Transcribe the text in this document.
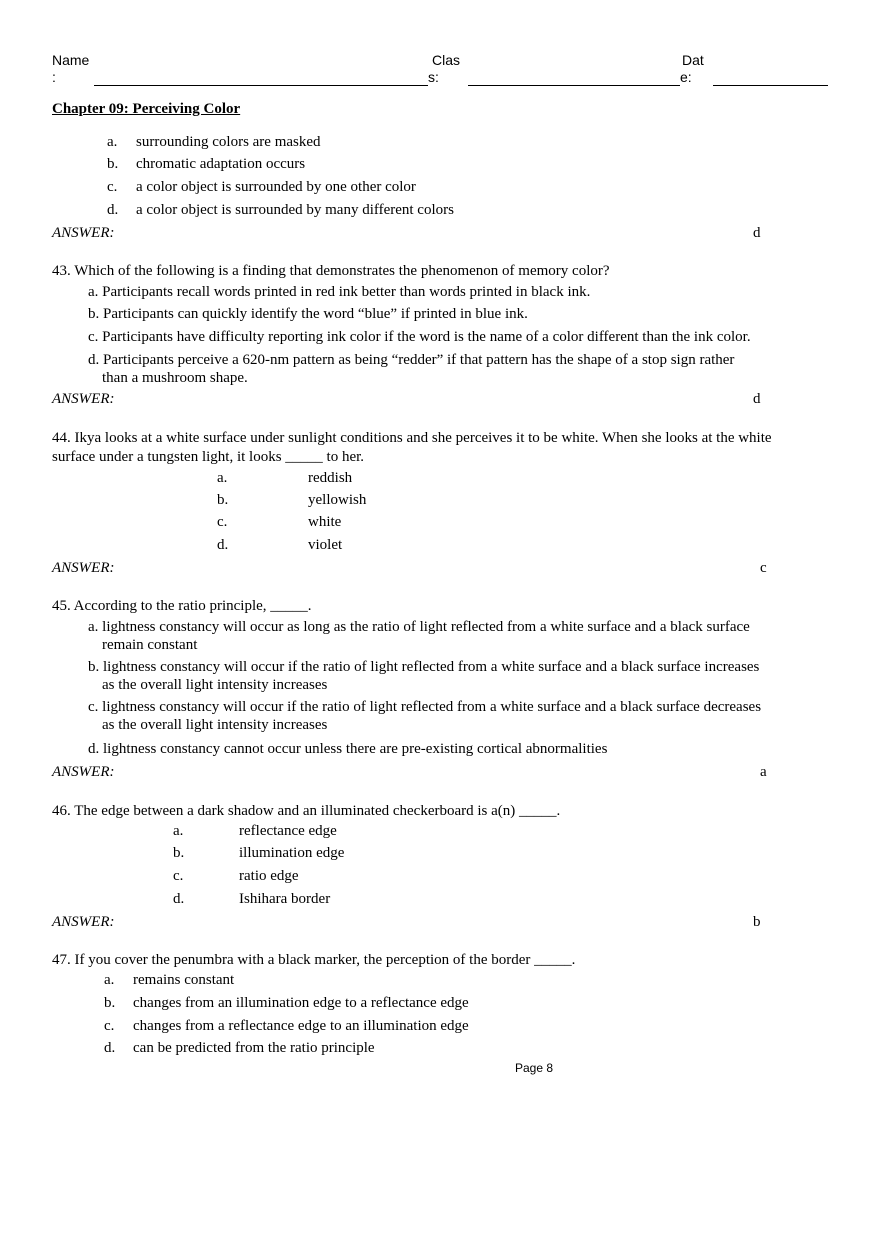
Name
:
Clas
s:
Dat
e:
Chapter 09: Perceiving Color
a. surrounding colors are masked
b. chromatic adaptation occurs
c. a color object is surrounded by one other color
d. a color object is surrounded by many different colors
ANSWER:	d
43. Which of the following is a finding that demonstrates the phenomenon of memory color?
a. Participants recall words printed in red ink better than words printed in black ink.
b. Participants can quickly identify the word “blue” if printed in blue ink.
c. Participants have difficulty reporting ink color if the word is the name of a color different than the ink color.
d. Participants perceive a 620-nm pattern as being “redder” if that pattern has the shape of a stop sign rather
than a mushroom shape.
ANSWER:	d
44. Ikya looks at a white surface under sunlight conditions and she perceives it to be white. When she looks at the white
surface under a tungsten light, it looks _____ to her.
a.	reddish
b.	yellowish
c.	white
d.	violet
ANSWER:	c
45. According to the ratio principle, _____.
a. lightness constancy will occur as long as the ratio of light reflected from a white surface and a black surface
remain constant
b. lightness constancy will occur if the ratio of light reflected from a white surface and a black surface increases
as the overall light intensity increases
c. lightness constancy will occur if the ratio of light reflected from a white surface and a black surface decreases
as the overall light intensity increases
d. lightness constancy cannot occur unless there are pre-existing cortical abnormalities
ANSWER:	a
46. The edge between a dark shadow and an illuminated checkerboard is a(n) _____.
a.	reflectance edge
b.	illumination edge
c.	ratio edge
d.	Ishihara border
ANSWER:	b
47. If you cover the penumbra with a black marker, the perception of the border _____.
a. remains constant
b. changes from an illumination edge to a reflectance edge
c. changes from a reflectance edge to an illumination edge
d. can be predicted from the ratio principle
Page 8
